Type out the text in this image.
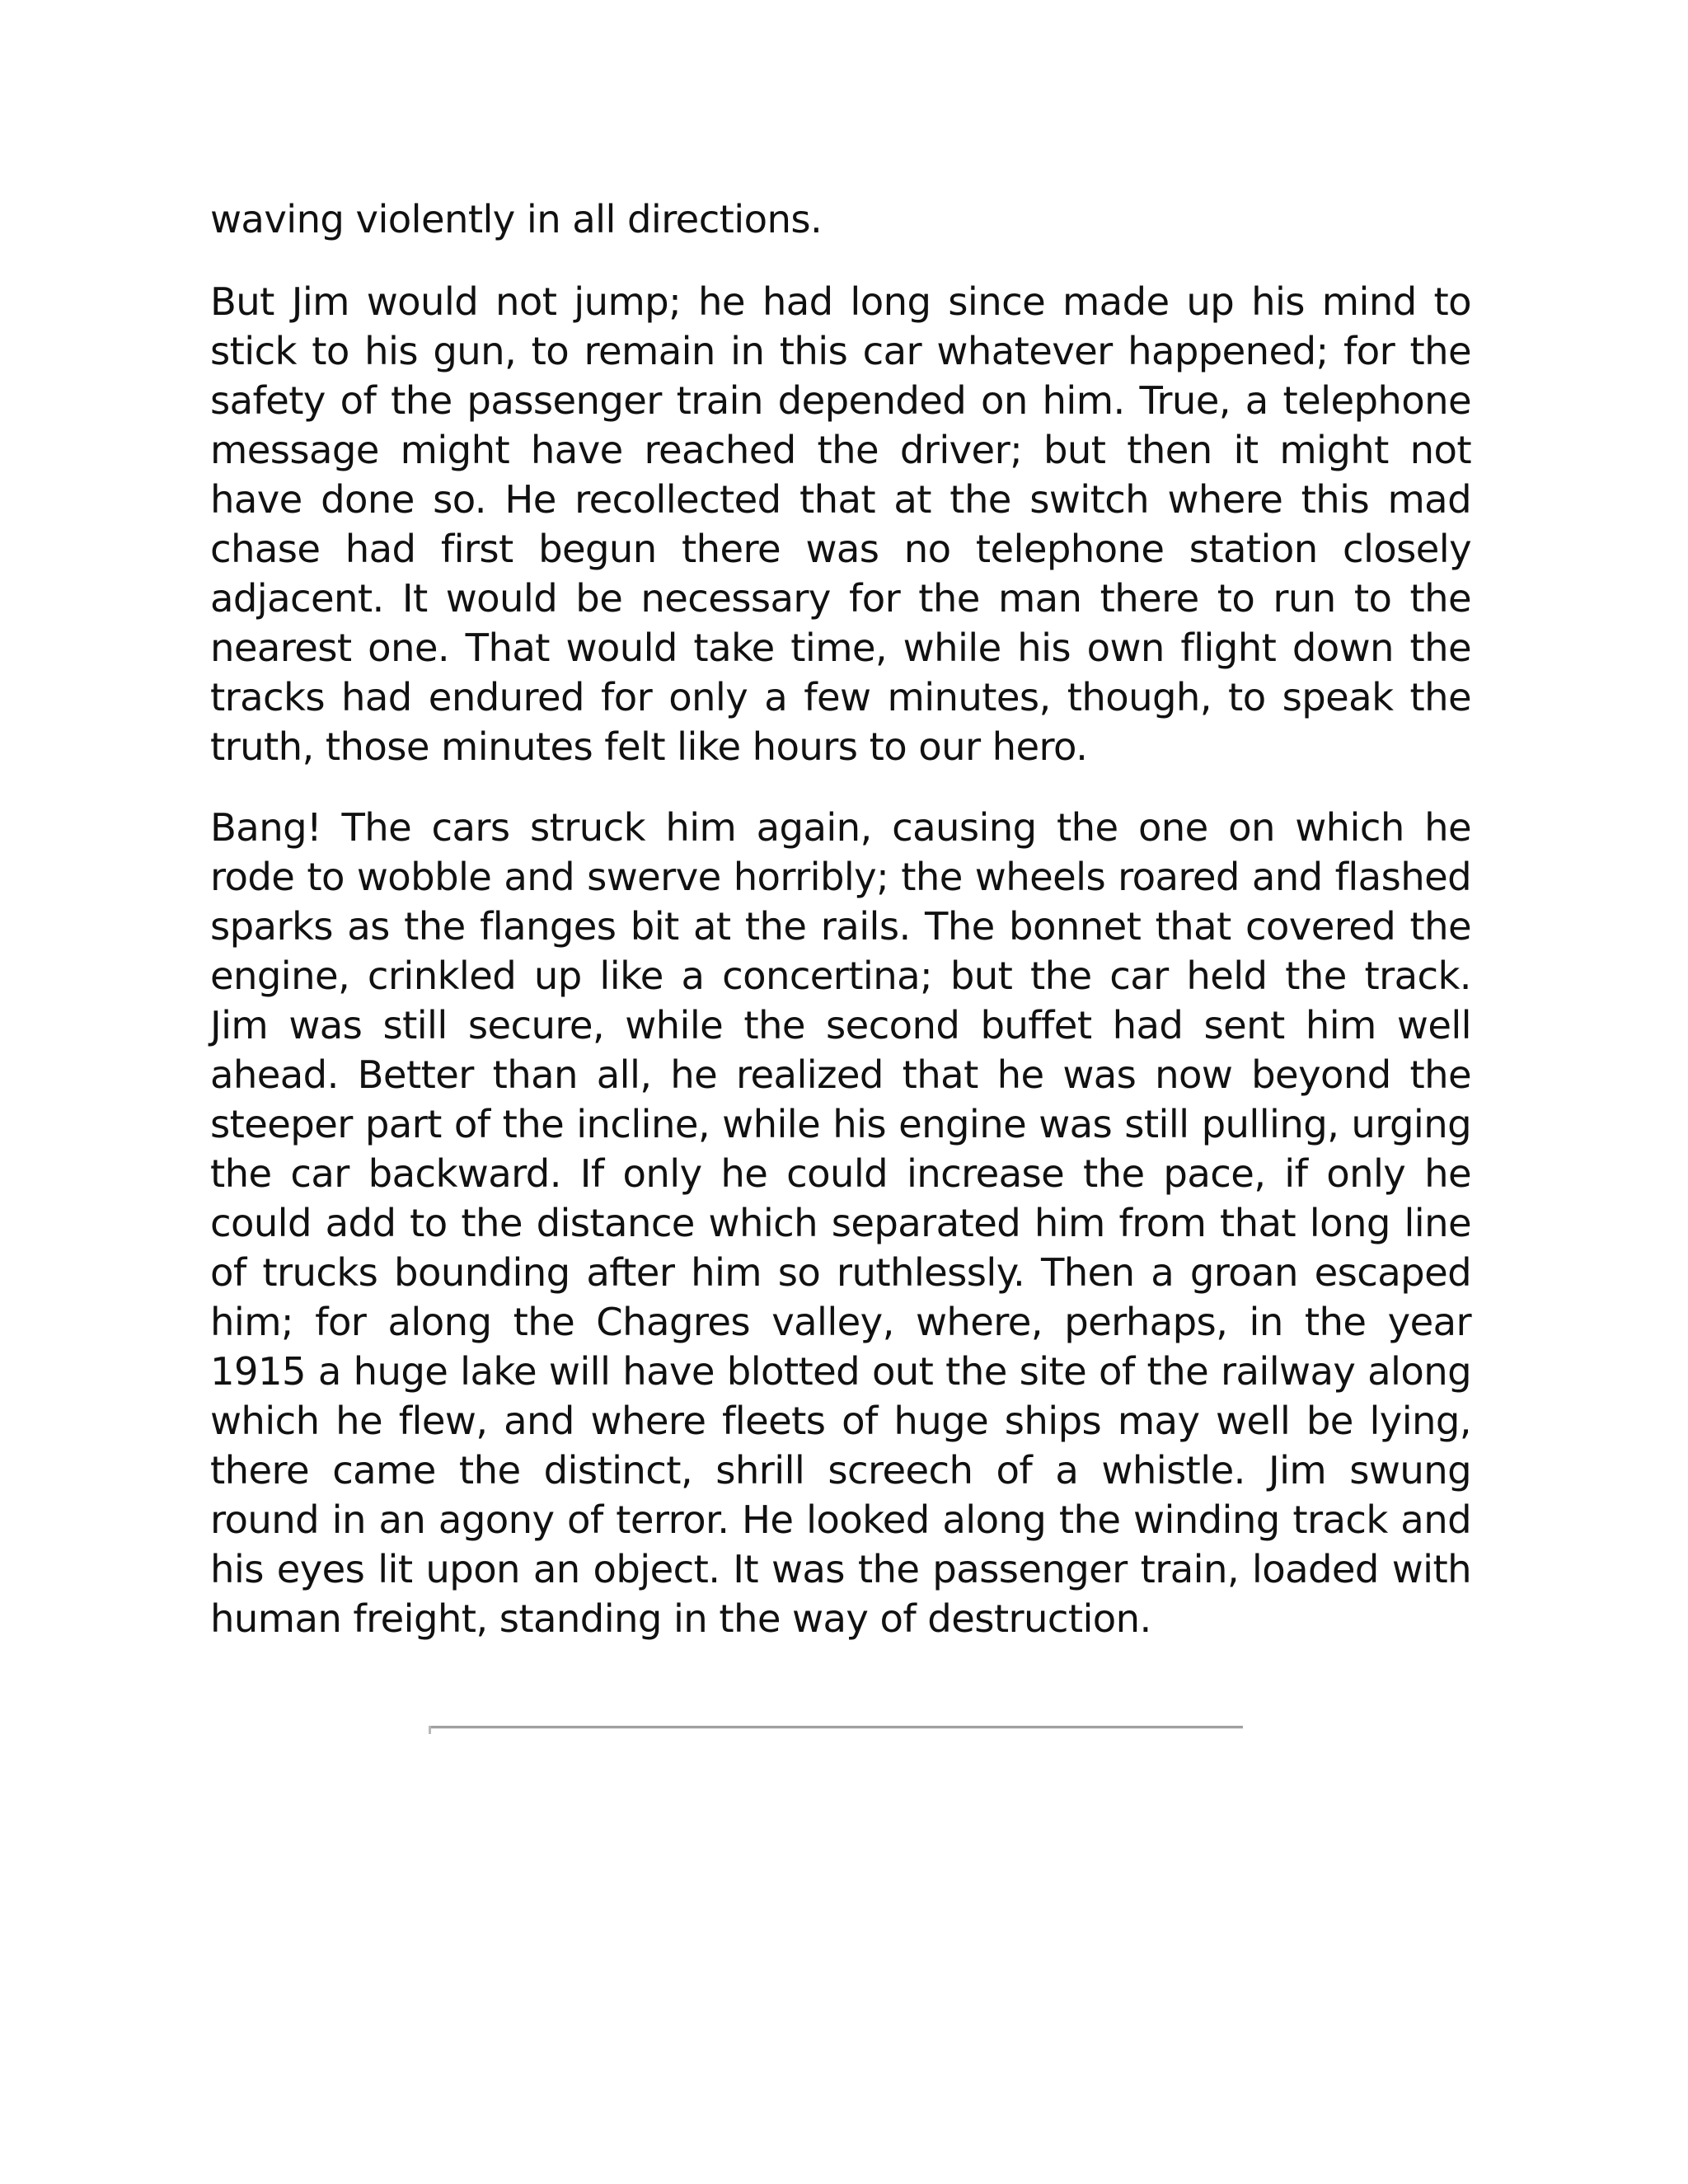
waving violently in all directions.

But Jim would not jump; he had long since made up his mind to stick to his gun, to remain in this car whatever happened; for the safety of the passenger train depended on him. True, a telephone message might have reached the driver; but then it might not have done so. He recollected that at the switch where this mad chase had first begun there was no telephone station closely adjacent. It would be necessary for the man there to run to the nearest one. That would take time, while his own flight down the tracks had endured for only a few minutes, though, to speak the truth, those minutes felt like hours to our hero.

Bang! The cars struck him again, causing the one on which he rode to wobble and swerve horribly; the wheels roared and flashed sparks as the flanges bit at the rails. The bonnet that covered the engine, crinkled up like a concertina; but the car held the track. Jim was still secure, while the second buffet had sent him well ahead. Better than all, he realized that he was now beyond the steeper part of the incline, while his engine was still pulling, urging the car backward. If only he could increase the pace, if only he could add to the distance which separated him from that long line of trucks bounding after him so ruthlessly. Then a groan escaped him; for along the Chagres valley, where, perhaps, in the year 1915 a huge lake will have blotted out the site of the railway along which he flew, and where fleets of huge ships may well be lying, there came the distinct, shrill screech of a whistle. Jim swung round in an agony of terror. He looked along the winding track and his eyes lit upon an object. It was the passenger train, loaded with human freight, standing in the way of destruction.
